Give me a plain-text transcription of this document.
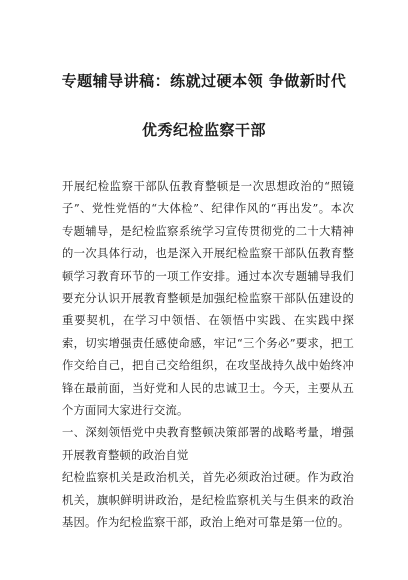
专题辅导讲稿：练就过硬本领 争做新时代
优秀纪检监察干部

开展纪检监察干部队伍教育整顿是一次思想政治的“照镜子”、党性党悟的“大体检”、纪律作风的“再出发”。本次专题辅导，是纪检监察系统学习宣传贯彻党的二十大精神的一次具体行动，也是深入开展纪检监察干部队伍教育整顿学习教育环节的一项工作安排。通过本次专题辅导我们要充分认识开展教育整顿是加强纪检监察干部队伍建设的重要契机，在学习中领悟、在领悟中实践、在实践中探索，切实增强责任感使命感，牢记“三个务必”要求，把工作交给自己，把自己交给组织，在攻坚战持久战中始终冲锋在最前面，当好党和人民的忠诚卫士。今天，主要从五个方面同大家进行交流。

一、深刻领悟党中央教育整顿决策部署的战略考量，增强开展教育整顿的政治自觉

纪检监察机关是政治机关，首先必须政治过硬。作为政治机关，旗帜鲜明讲政治，是纪检监察机关与生俱来的政治基因。作为纪检监察干部，政治上绝对可靠是第一位的。
